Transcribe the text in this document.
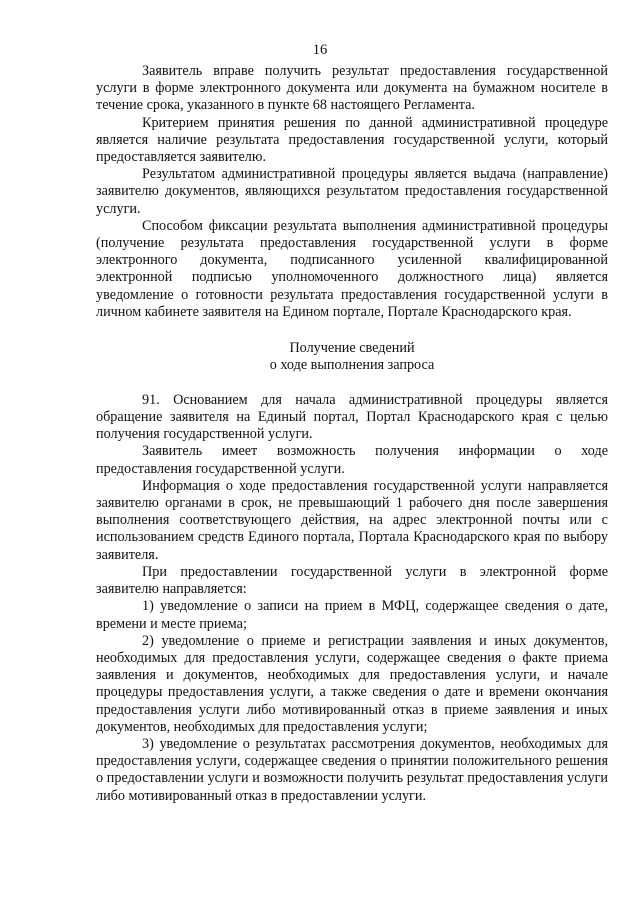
16

Заявитель вправе получить результат предоставления государственной услуги в форме электронного документа или документа на бумажном носителе в течение срока, указанного в пункте 68 настоящего Регламента.

Критерием принятия решения по данной административной процедуре является наличие результата предоставления государственной услуги, который предоставляется заявителю.

Результатом административной процедуры является выдача (направление) заявителю документов, являющихся результатом предоставления государственной услуги.

Способом фиксации результата выполнения административной процедуры (получение результата предоставления государственной услуги в форме электронного документа, подписанного усиленной квалифицированной электронной подписью уполномоченного должностного лица) является уведомление о готовности результата предоставления государственной услуги в личном кабинете заявителя на Едином портале, Портале Краснодарского края.

Получение сведений
о ходе выполнения запроса

91. Основанием для начала административной процедуры является обращение заявителя на Единый портал, Портал Краснодарского края с целью получения государственной услуги.

Заявитель имеет возможность получения информации о ходе предоставления государственной услуги.

Информация о ходе предоставления государственной услуги направляется заявителю органами в срок, не превышающий 1 рабочего дня после завершения выполнения соответствующего действия, на адрес электронной почты или с использованием средств Единого портала, Портала Краснодарского края по выбору заявителя.

При предоставлении государственной услуги в электронной форме заявителю направляется:

1) уведомление о записи на прием в МФЦ, содержащее сведения о дате, времени и месте приема;

2) уведомление о приеме и регистрации заявления и иных документов, необходимых для предоставления услуги, содержащее сведения о факте приема заявления и документов, необходимых для предоставления услуги, и начале процедуры предоставления услуги, а также сведения о дате и времени окончания предоставления услуги либо мотивированный отказ в приеме заявления и иных документов, необходимых для предоставления услуги;

3) уведомление о результатах рассмотрения документов, необходимых для предоставления услуги, содержащее сведения о принятии положительного решения о предоставлении услуги и возможности получить результат предоставления услуги либо мотивированный отказ в предоставлении услуги.
